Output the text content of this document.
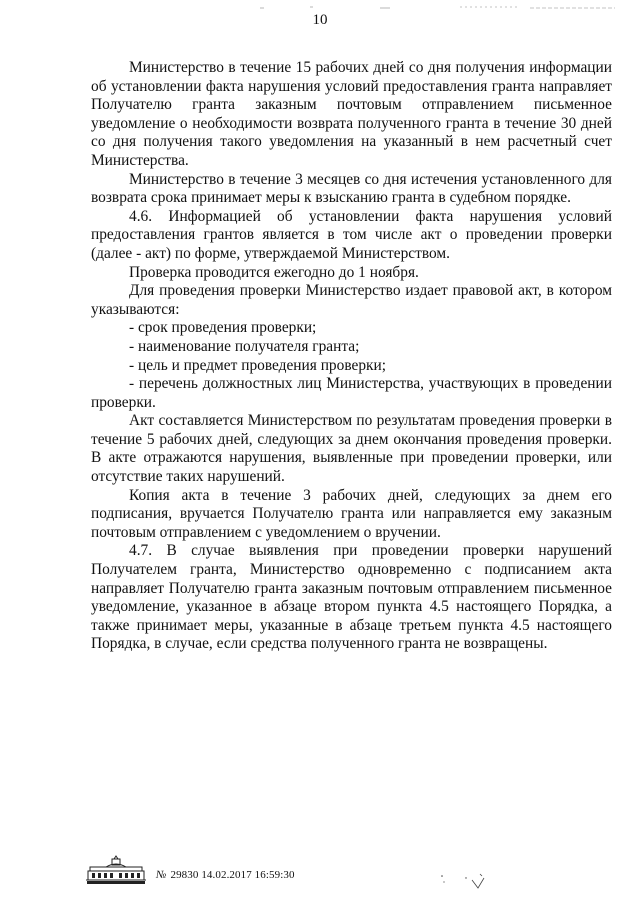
10

Министерство в течение 15 рабочих дней со дня получения информации об установлении факта нарушения условий предоставления гранта направляет Получателю гранта заказным почтовым отправлением письменное уведомление о необходимости возврата полученного гранта в течение 30 дней со дня получения такого уведомления на указанный в нем расчетный счет Министерства.

Министерство в течение 3 месяцев со дня истечения установленного для возврата срока принимает меры к взысканию гранта в судебном порядке.

4.6. Информацией об установлении факта нарушения условий предоставления грантов является в том числе акт о проведении проверки (далее - акт) по форме, утверждаемой Министерством.

Проверка проводится ежегодно до 1 ноября.

Для проведения проверки Министерство издает правовой акт, в котором указываются:

- срок проведения проверки;

- наименование получателя гранта;

- цель и предмет проведения проверки;

- перечень должностных лиц Министерства, участвующих в проведении проверки.

Акт составляется Министерством по результатам проведения проверки в течение 5 рабочих дней, следующих за днем окончания проведения проверки. В акте отражаются нарушения, выявленные при проведении проверки, или отсутствие таких нарушений.

Копия акта в течение 3 рабочих дней, следующих за днем его подписания, вручается Получателю гранта или направляется ему заказным почтовым отправлением с уведомлением о вручении.

4.7. В случае выявления при проведении проверки нарушений Получателем гранта, Министерство одновременно с подписанием акта направляет Получателю гранта заказным почтовым отправлением письменное уведомление, указанное в абзаце втором пункта 4.5 настоящего Порядка, а также принимает меры, указанные в абзаце третьем пункта 4.5 настоящего Порядка, в случае, если средства полученного гранта не возвращены.

№ 29830 14.02.2017 16:59:30
